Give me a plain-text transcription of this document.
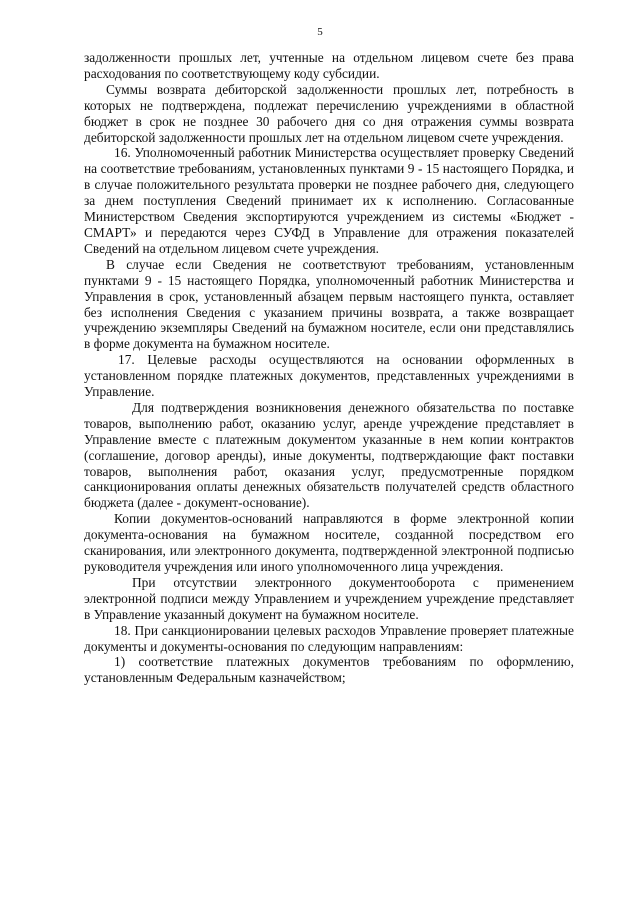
5

задолженности прошлых лет, учтенные на отдельном лицевом счете без права расходования по соответствующему коду субсидии.

Суммы возврата дебиторской задолженности прошлых лет, потребность в которых не подтверждена, подлежат перечислению учреждениями в областной бюджет в срок не позднее 30 рабочего дня со дня отражения суммы возврата дебиторской задолженности прошлых лет на отдельном лицевом счете учреждения.

16. Уполномоченный работник Министерства осуществляет проверку Сведений на соответствие требованиям, установленных пунктами 9 - 15 настоящего Порядка, и в случае положительного результата проверки не позднее рабочего дня, следующего за днем поступления Сведений принимает их к исполнению. Согласованные Министерством Сведения экспортируются учреждением из системы «Бюджет - СМАРТ» и передаются через СУФД в Управление для отражения показателей Сведений на отдельном лицевом счете учреждения.

В случае если Сведения не соответствуют требованиям, установленным пунктами 9 - 15 настоящего Порядка, уполномоченный работник Министерства и Управления в срок, установленный абзацем первым настоящего пункта, оставляет без исполнения Сведения с указанием причины возврата, а также возвращает учреждению экземпляры Сведений на бумажном носителе, если они представлялись в форме документа на бумажном носителе.

17. Целевые расходы осуществляются на основании оформленных в установленном порядке платежных документов, представленных учреждениями в Управление.

Для подтверждения возникновения денежного обязательства по поставке товаров, выполнению работ, оказанию услуг, аренде учреждение представляет в Управление вместе с платежным документом указанные в нем копии контрактов (соглашение, договор аренды), иные документы, подтверждающие факт поставки товаров, выполнения работ, оказания услуг, предусмотренные порядком санкционирования оплаты денежных обязательств получателей средств областного бюджета (далее - документ-основание).

Копии документов-оснований направляются в форме электронной копии документа-основания на бумажном носителе, созданной посредством его сканирования, или электронного документа, подтвержденной электронной подписью руководителя учреждения или иного уполномоченного лица учреждения.

При отсутствии электронного документооборота с применением электронной подписи между Управлением и учреждением учреждение представляет в Управление указанный документ на бумажном носителе.

18. При санкционировании целевых расходов Управление проверяет платежные документы и документы-основания по следующим направлениям:

1) соответствие платежных документов требованиям по оформлению, установленным Федеральным казначейством;
